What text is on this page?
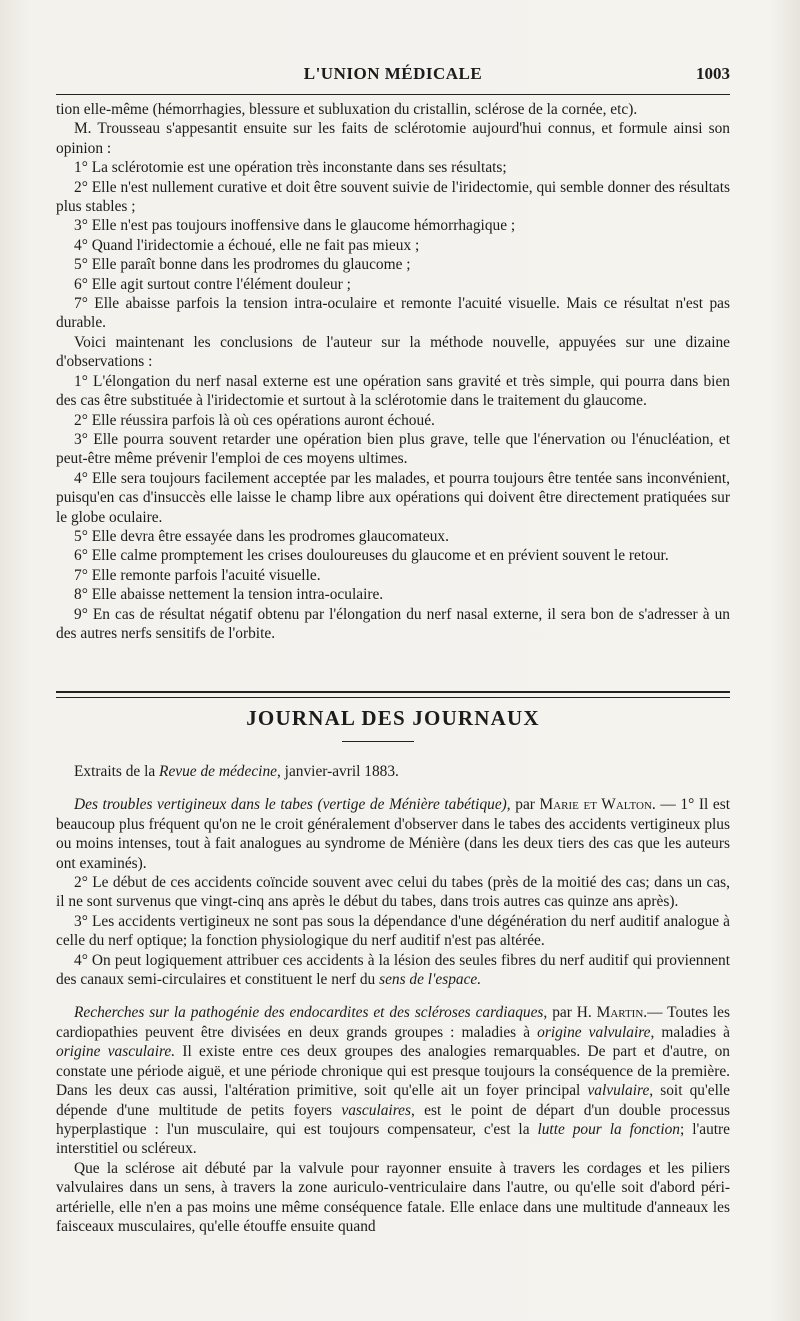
L'UNION MÉDICALE	1003

tion elle-même (hémorrhagies, blessure et subluxation du cristallin, sclérose de la cornée, etc).

M. Trousseau s'appesantit ensuite sur les faits de sclérotomie aujourd'hui connus, et formule ainsi son opinion :

1° La sclérotomie est une opération très inconstante dans ses résultats;

2° Elle n'est nullement curative et doit être souvent suivie de l'iridectomie, qui semble donner des résultats plus stables ;

3° Elle n'est pas toujours inoffensive dans le glaucome hémorrhagique ;

4° Quand l'iridectomie a échoué, elle ne fait pas mieux ;

5° Elle paraît bonne dans les prodromes du glaucome ;

6° Elle agit surtout contre l'élément douleur ;

7° Elle abaisse parfois la tension intra-oculaire et remonte l'acuité visuelle. Mais ce résultat n'est pas durable.

Voici maintenant les conclusions de l'auteur sur la méthode nouvelle, appuyées sur une dizaine d'observations :

1° L'élongation du nerf nasal externe est une opération sans gravité et très simple, qui pourra dans bien des cas être substituée à l'iridectomie et surtout à la sclérotomie dans le traitement du glaucome.

2° Elle réussira parfois là où ces opérations auront échoué.

3° Elle pourra souvent retarder une opération bien plus grave, telle que l'énervation ou l'énucléation, et peut-être même prévenir l'emploi de ces moyens ultimes.

4° Elle sera toujours facilement acceptée par les malades, et pourra toujours être tentée sans inconvénient, puisqu'en cas d'insuccès elle laisse le champ libre aux opérations qui doivent être directement pratiquées sur le globe oculaire.

5° Elle devra être essayée dans les prodromes glaucomateux.

6° Elle calme promptement les crises douloureuses du glaucome et en prévient souvent le retour.

7° Elle remonte parfois l'acuité visuelle.

8° Elle abaisse nettement la tension intra-oculaire.

9° En cas de résultat négatif obtenu par l'élongation du nerf nasal externe, il sera bon de s'adresser à un des autres nerfs sensitifs de l'orbite.

JOURNAL DES JOURNAUX

Extraits de la Revue de médecine, janvier-avril 1883.

Des troubles vertigineux dans le tabes (vertige de Ménière tabétique), par Marie et Walton. — 1° Il est beaucoup plus fréquent qu'on ne le croit généralement d'observer dans le tabes des accidents vertigineux plus ou moins intenses, tout à fait analogues au syndrome de Ménière (dans les deux tiers des cas que les auteurs ont examinés).

2° Le début de ces accidents coïncide souvent avec celui du tabes (près de la moitié des cas; dans un cas, il ne sont survenus que vingt-cinq ans après le début du tabes, dans trois autres cas quinze ans après).

3° Les accidents vertigineux ne sont pas sous la dépendance d'une dégénération du nerf auditif analogue à celle du nerf optique; la fonction physiologique du nerf auditif n'est pas altérée.

4° On peut logiquement attribuer ces accidents à la lésion des seules fibres du nerf auditif qui proviennent des canaux semi-circulaires et constituent le nerf du sens de l'espace.

Recherches sur la pathogénie des endocardites et des scléroses cardiaques, par H. Martin.— Toutes les cardiopathies peuvent être divisées en deux grands groupes : maladies à origine valvulaire, maladies à origine vasculaire. Il existe entre ces deux groupes des analogies remarquables. De part et d'autre, on constate une période aiguë, et une période chronique qui est presque toujours la conséquence de la première. Dans les deux cas aussi, l'altération primitive, soit qu'elle ait un foyer principal valvulaire, soit qu'elle dépende d'une multitude de petits foyers vasculaires, est le point de départ d'un double processus hyperplastique : l'un musculaire, qui est toujours compensateur, c'est la lutte pour la fonction; l'autre interstitiel ou scléreux.

Que la sclérose ait débuté par la valvule pour rayonner ensuite à travers les cordages et les piliers valvulaires dans un sens, à travers la zone auriculo-ventriculaire dans l'autre, ou qu'elle soit d'abord péri-artérielle, elle n'en a pas moins une même conséquence fatale. Elle enlace dans une multitude d'anneaux les faisceaux musculaires, qu'elle étouffe ensuite quand
